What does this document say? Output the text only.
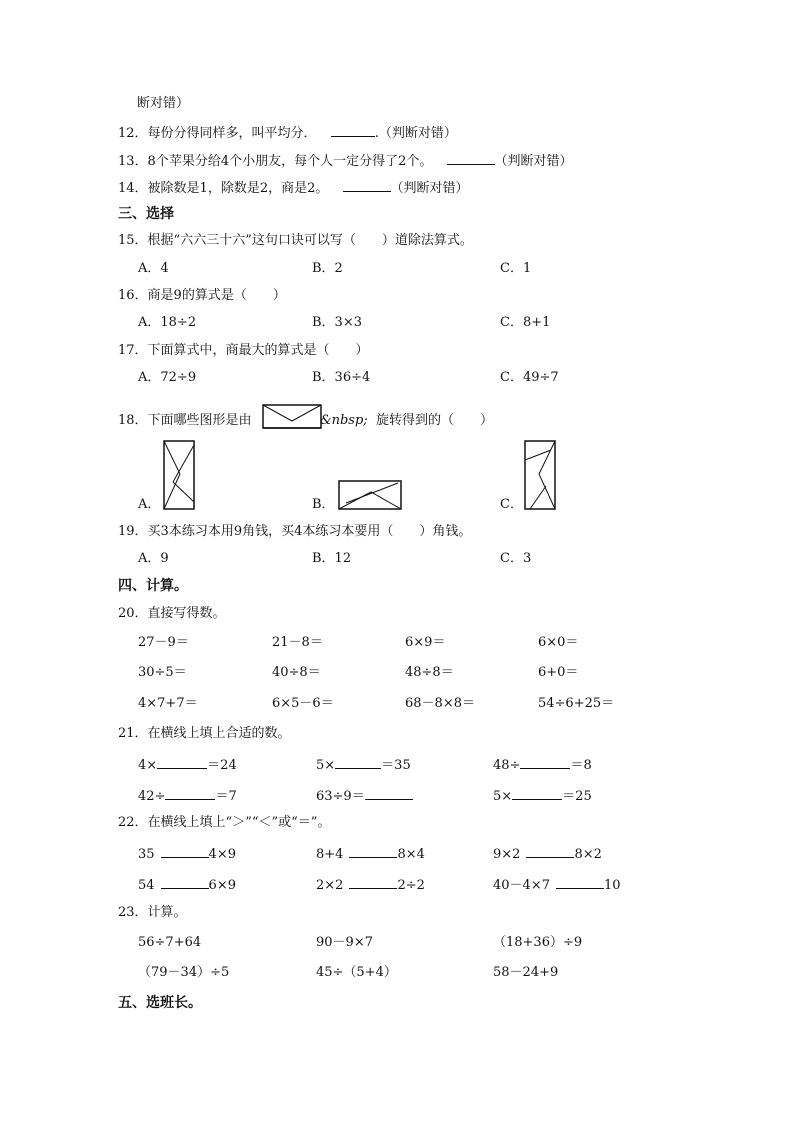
断对错）
12．每份分得同样多，叫平均分．	.（判断对错）
13．8个苹果分给4个小朋友，每个人一定分得了2个。	（判断对错）
14．被除数是1，除数是2，商是2。	（判断对错）
三、选择
15．根据“六六三十六”这句口诀可以写（　　）道除法算式。
A．4	B．2	C．1
16．商是9的算式是（　　）
A．18÷2	B．3×3	C．8+1
17．下面算式中，商最大的算式是（　　）
A．72÷9	B．36÷4	C．49÷7
18．下面哪些图形是由	&nbsp; 旋转得到的（　　）
A．	B．	C．
19．买3本练习本用9角钱，买4本练习本要用（　　）角钱。
A．9	B．12	C．3
四、计算。
20．直接写得数。
27－9＝	21－8＝	6×9＝	6×0＝
30÷5＝	40÷8＝	48÷8＝	6+0＝
4×7+7＝	6×5－6＝	68－8×8＝	54÷6+25＝
21．在横线上填上合适的数。
4×	＝24	5×	＝35	48÷	＝8
42÷	＝7	63÷9＝	5×	＝25
22．在横线上填上“＞”“＜”或“＝”。
35	4×9	8+4	8×4	9×2	8×2
54	6×9	2×2	2÷2	40－4×7	10
23．计算。
56÷7+64	90－9×7	（18+36）÷9
（79－34）÷5	45÷（5+4）	58－24+9
五、选班长。
